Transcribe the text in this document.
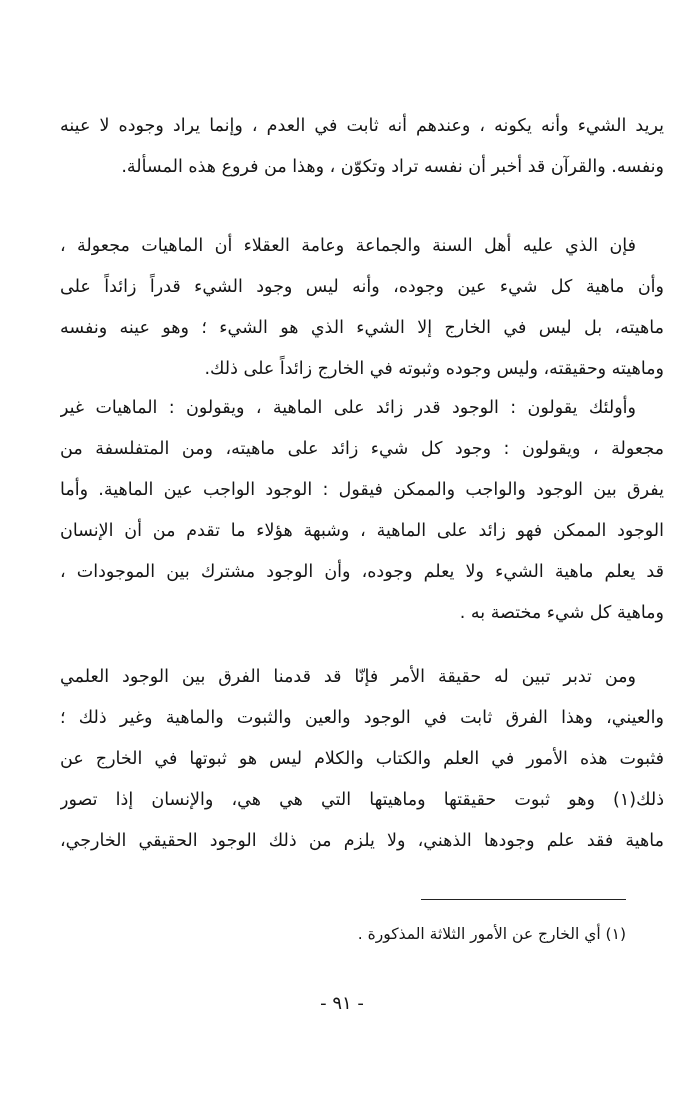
يريد الشيء وأنه يكونه ، وعندهم أنه ثابت في العدم ، وإنما يراد وجوده لا عينه
ونفسه. والقرآن قد أخبر أن نفسه تراد وتكوّن ، وهذا من فروع هذه المسألة.
فإن الذي عليه أهل السنة والجماعة وعامة العقلاء أن الماهيات مجعولة ،
وأن ماهية كل شيء عين وجوده، وأنه ليس وجود الشيء قدراً زائداً على
ماهيته، بل ليس في الخارج إلا الشيء الذي هو الشيء ؛ وهو عينه ونفسه
وماهيته وحقيقته، وليس وجوده وثبوته في الخارج زائداً على ذلك.
وأولئك يقولون : الوجود قدر زائد على الماهية ، ويقولون : الماهيات غير
مجعولة ، ويقولون : وجود كل شيء زائد على ماهيته، ومن المتفلسفة من
يفرق بين الوجود والواجب والممكن فيقول : الوجود الواجب عين الماهية. وأما
الوجود الممكن فهو زائد على الماهية ، وشبهة هؤلاء ما تقدم من أن الإنسان
قد يعلم ماهية الشيء ولا يعلم وجوده، وأن الوجود مشترك بين الموجودات ،
وماهية كل شيء مختصة به .
ومن تدبر تبين له حقيقة الأمر فإنّا قد قدمنا الفرق بين الوجود العلمي
والعيني، وهذا الفرق ثابت في الوجود والعين والثبوت والماهية وغير ذلك ؛
فثبوت هذه الأمور في العلم والكتاب والكلام ليس هو ثبوتها في الخارج عن
ذلك(١) وهو ثبوت حقيقتها وماهيتها التي هي هي، والإنسان إذا تصور
ماهية فقد علم وجودها الذهني، ولا يلزم من ذلك الوجود الحقيقي الخارجي،
(١) أي الخارج عن الأمور الثلاثة المذكورة .
- ٩١ -
